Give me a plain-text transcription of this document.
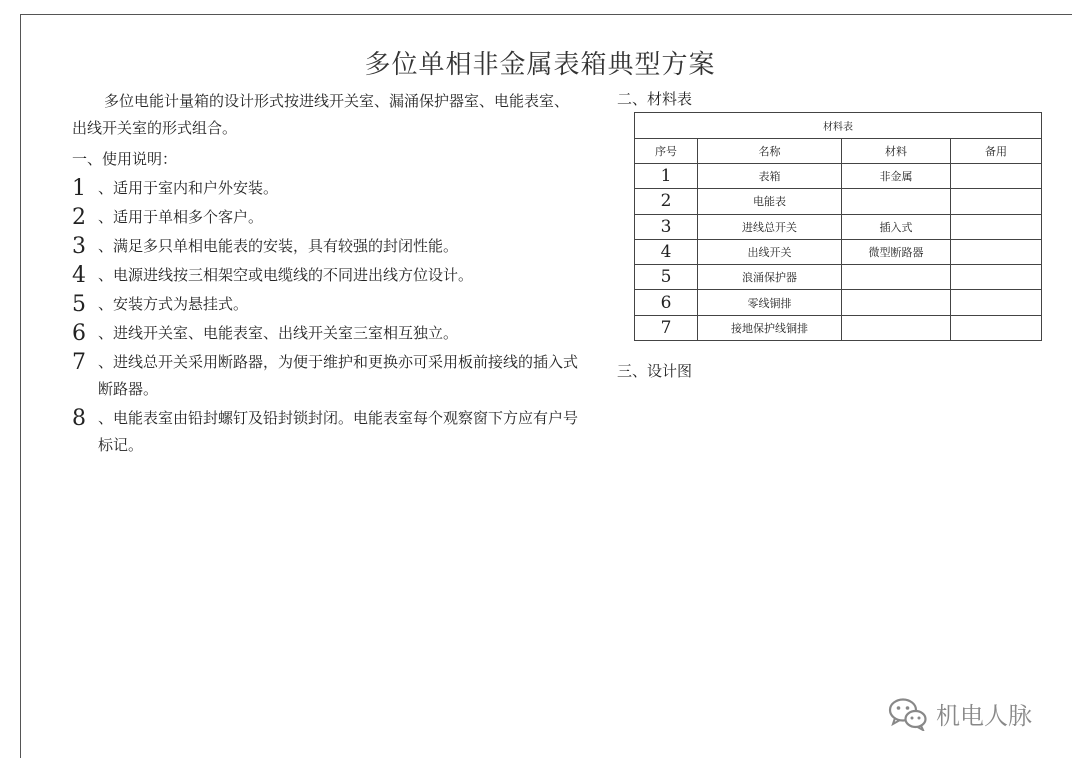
多位单相非金属表箱典型方案

多位电能计量箱的设计形式按进线开关室、漏涌保护器室、电能表室、出线开关室的形式组合。

一、使用说明：
1 、适用于室内和户外安装。
2 、适用于单相多个客户。
3 、满足多只单相电能表的安装，具有较强的封闭性能。
4 、电源进线按三相架空或电缆线的不同进出线方位设计。
5 、安装方式为悬挂式。
6 、进线开关室、电能表室、出线开关室三室相互独立。
7 、进线总开关采用断路器，为便于维护和更换亦可采用板前接线的插入式断路器。
8 、电能表室由铅封螺钉及铅封锁封闭。电能表室每个观察窗下方应有户号标记。
二、材料表
材料表			
序号	名称	材料	备用
1	表箱	非金属	
2	电能表		
3	进线总开关	插入式	
4	出线开关	微型断路器	
5	浪涌保护器		
6	零线铜排		
7	接地保护线铜排		
三、设计图
机电人脉
